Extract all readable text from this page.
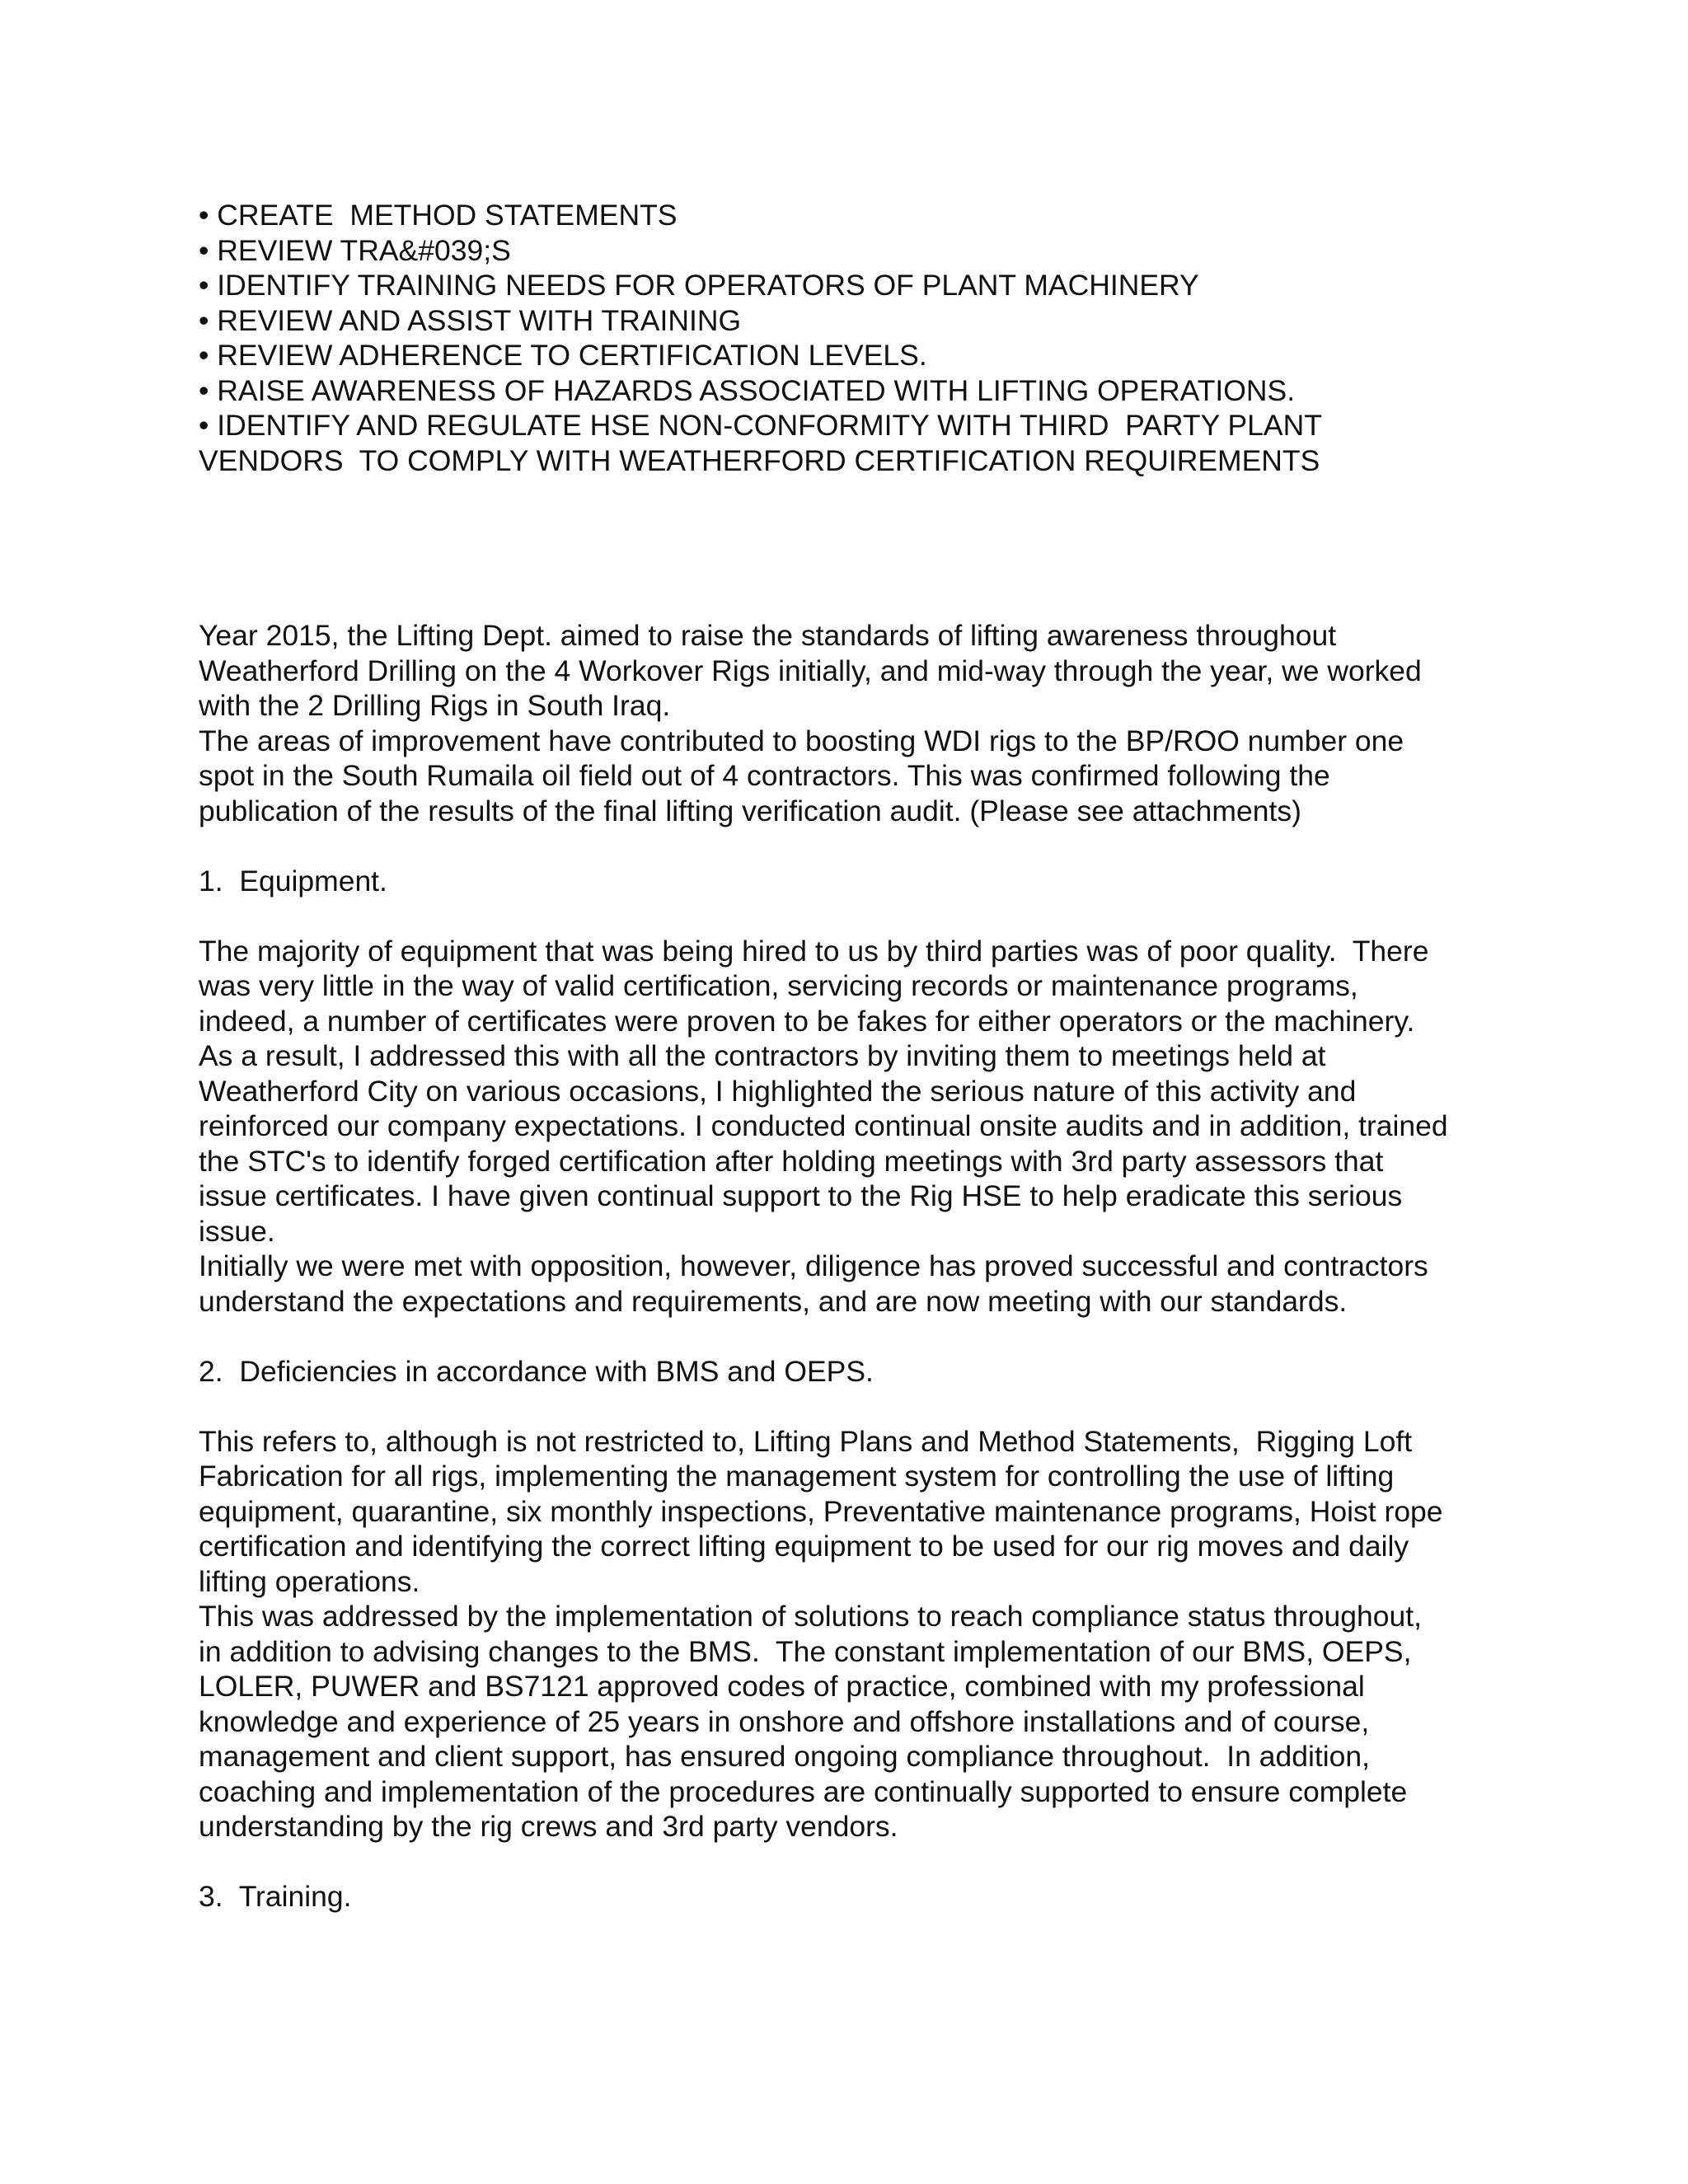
• CREATE  METHOD STATEMENTS
• REVIEW TRA&#039;S
• IDENTIFY TRAINING NEEDS FOR OPERATORS OF PLANT MACHINERY
• REVIEW AND ASSIST WITH TRAINING
• REVIEW ADHERENCE TO CERTIFICATION LEVELS.
• RAISE AWARENESS OF HAZARDS ASSOCIATED WITH LIFTING OPERATIONS.
• IDENTIFY AND REGULATE HSE NON-CONFORMITY WITH THIRD  PARTY PLANT
VENDORS  TO COMPLY WITH WEATHERFORD CERTIFICATION REQUIREMENTS

Year 2015, the Lifting Dept. aimed to raise the standards of lifting awareness throughout
Weatherford Drilling on the 4 Workover Rigs initially, and mid-way through the year, we worked
with the 2 Drilling Rigs in South Iraq.

The areas of improvement have contributed to boosting WDI rigs to the BP/ROO number one
spot in the South Rumaila oil field out of 4 contractors. This was confirmed following the
publication of the results of the final lifting verification audit. (Please see attachments)

1.  Equipment.

The majority of equipment that was being hired to us by third parties was of poor quality.  There
was very little in the way of valid certification, servicing records or maintenance programs,
indeed, a number of certificates were proven to be fakes for either operators or the machinery.
As a result, I addressed this with all the contractors by inviting them to meetings held at
Weatherford City on various occasions, I highlighted the serious nature of this activity and
reinforced our company expectations. I conducted continual onsite audits and in addition, trained
the STC's to identify forged certification after holding meetings with 3rd party assessors that
issue certificates. I have given continual support to the Rig HSE to help eradicate this serious
issue.

Initially we were met with opposition, however, diligence has proved successful and contractors
understand the expectations and requirements, and are now meeting with our standards.

2.  Deficiencies in accordance with BMS and OEPS.

This refers to, although is not restricted to, Lifting Plans and Method Statements,  Rigging Loft
Fabrication for all rigs, implementing the management system for controlling the use of lifting
equipment, quarantine, six monthly inspections, Preventative maintenance programs, Hoist rope
certification and identifying the correct lifting equipment to be used for our rig moves and daily
lifting operations.

This was addressed by the implementation of solutions to reach compliance status throughout,
in addition to advising changes to the BMS.  The constant implementation of our BMS, OEPS,
LOLER, PUWER and BS7121 approved codes of practice, combined with my professional
knowledge and experience of 25 years in onshore and offshore installations and of course,
management and client support, has ensured ongoing compliance throughout.  In addition,
coaching and implementation of the procedures are continually supported to ensure complete
understanding by the rig crews and 3rd party vendors.

3.  Training.
